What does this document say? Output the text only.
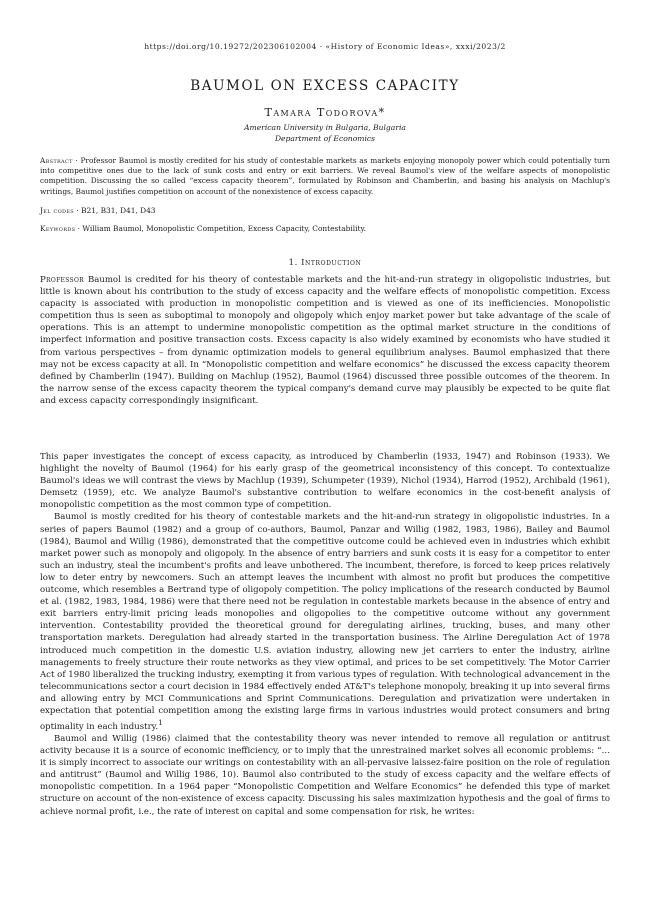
https://doi.org/10.19272/202306102004 · «History of Economic Ideas», xxxi/2023/2
BAUMOL ON EXCESS CAPACITY
Tamara Todorova*
American University in Bulgaria, Bulgaria
Department of Economics
Abstract · Professor Baumol is mostly credited for his study of contestable markets as markets enjoying monopoly power which could potentially turn into competitive ones due to the lack of sunk costs and entry or exit barriers. We reveal Baumol's view of the welfare aspects of monopolistic competition. Discussing the so called “excess capacity theorem”, formulated by Robinson and Chamberlin, and basing his analysis on Machlup's writings, Baumol justifies competition on account of the nonexistence of excess capacity.
Jel codes · B21, B31, D41, D43
Keywords · William Baumol, Monopolistic Competition, Excess Capacity, Contestability.
1. Introduction

Professor Baumol is credited for his theory of contestable markets and the hit-and-run strategy in oligopolistic industries, but little is known about his contribution to the study of excess capacity and the welfare effects of monopolistic competition. Excess capacity is associated with production in monopolistic competition and is viewed as one of its inefficiencies. Monopolistic competition thus is seen as suboptimal to monopoly and oligopoly which enjoy market power but take advantage of the scale of operations. This is an attempt to undermine monopolistic competition as the optimal market structure in the conditions of imperfect information and positive transaction costs. Excess capacity is also widely examined by economists who have studied it from various perspectives – from dynamic optimization models to general equilibrium analyses. Baumol emphasized that there may not be excess capacity at all. In “Monopolistic competition and welfare economics” he discussed the excess capacity theorem defined by Chamberlin (1947). Building on Machlup (1952), Baumol (1964) discussed three possible outcomes of the theorem. In the narrow sense of the excess capacity theorem the typical company's demand curve may plausibly be expected to be quite flat and excess capacity correspondingly insignificant.

This paper investigates the concept of excess capacity, as introduced by Chamberlin (1933, 1947) and Robinson (1933). We highlight the novelty of Baumol (1964) for his early grasp of the geometrical inconsistency of this concept. To contextualize Baumol's ideas we will contrast the views by Machlup (1939), Schumpeter (1939), Nichol (1934), Harrod (1952), Archibald (1961), Demsetz (1959), etc. We analyze Baumol's substantive contribution to welfare economics in the cost-benefit analysis of monopolistic competition as the most common type of competition.

Baumol is mostly credited for his theory of contestable markets and the hit-and-run strategy in oligopolistic industries. In a series of papers Baumol (1982) and a group of co-authors, Baumol, Panzar and Willig (1982, 1983, 1986), Bailey and Baumol (1984), Baumol and Willig (1986), demonstrated that the competitive outcome could be achieved even in industries which exhibit market power such as monopoly and oligopoly. In the absence of entry barriers and sunk costs it is easy for a competitor to enter such an industry, steal the incumbent's profits and leave unbothered. The incumbent, therefore, is forced to keep prices relatively low to deter entry by newcomers. Such an attempt leaves the incumbent with almost no profit but produces the competitive outcome, which resembles a Bertrand type of oligopoly competition. The policy implications of the research conducted by Baumol et al. (1982, 1983, 1984, 1986) were that there need not be regulation in contestable markets because in the absence of entry and exit barriers entry-limit pricing leads monopolies and oligopolies to the competitive outcome without any government intervention. Contestability provided the theoretical ground for deregulating airlines, trucking, buses, and many other transportation markets. Deregulation had already started in the transportation business. The Airline Deregulation Act of 1978 introduced much competition in the domestic U.S. aviation industry, allowing new jet carriers to enter the industry, airline managements to freely structure their route networks as they view optimal, and prices to be set competitively. The Motor Carrier Act of 1980 liberalized the trucking industry, exempting it from various types of regulation. With technological advancement in the telecommunications sector a court decision in 1984 effectively ended AT&T's telephone monopoly, breaking it up into several firms and allowing entry by MCI Communications and Sprint Communications. Deregulation and privatization were undertaken in expectation that potential competition among the existing large firms in various industries would protect consumers and bring optimality in each industry.$^1$

Baumol and Willig (1986) claimed that the contestability theory was never intended to remove all regulation or antitrust activity because it is a source of economic inefficiency, or to imply that the unrestrained market solves all economic problems: “…it is simply incorrect to associate our writings on contestability with an all-pervasive laissez-faire position on the role of regulation and antitrust” (Baumol and Willig 1986, 10). Baumol also contributed to the study of excess capacity and the welfare effects of monopolistic competition. In a 1964 paper “Monopolistic Competition and Welfare Economics” he defended this type of market structure on account of the non-existence of excess capacity. Discussing his sales maximization hypothesis and the goal of firms to achieve normal profit, i.e., the rate of interest on capital and some compensation for risk, he writes:
